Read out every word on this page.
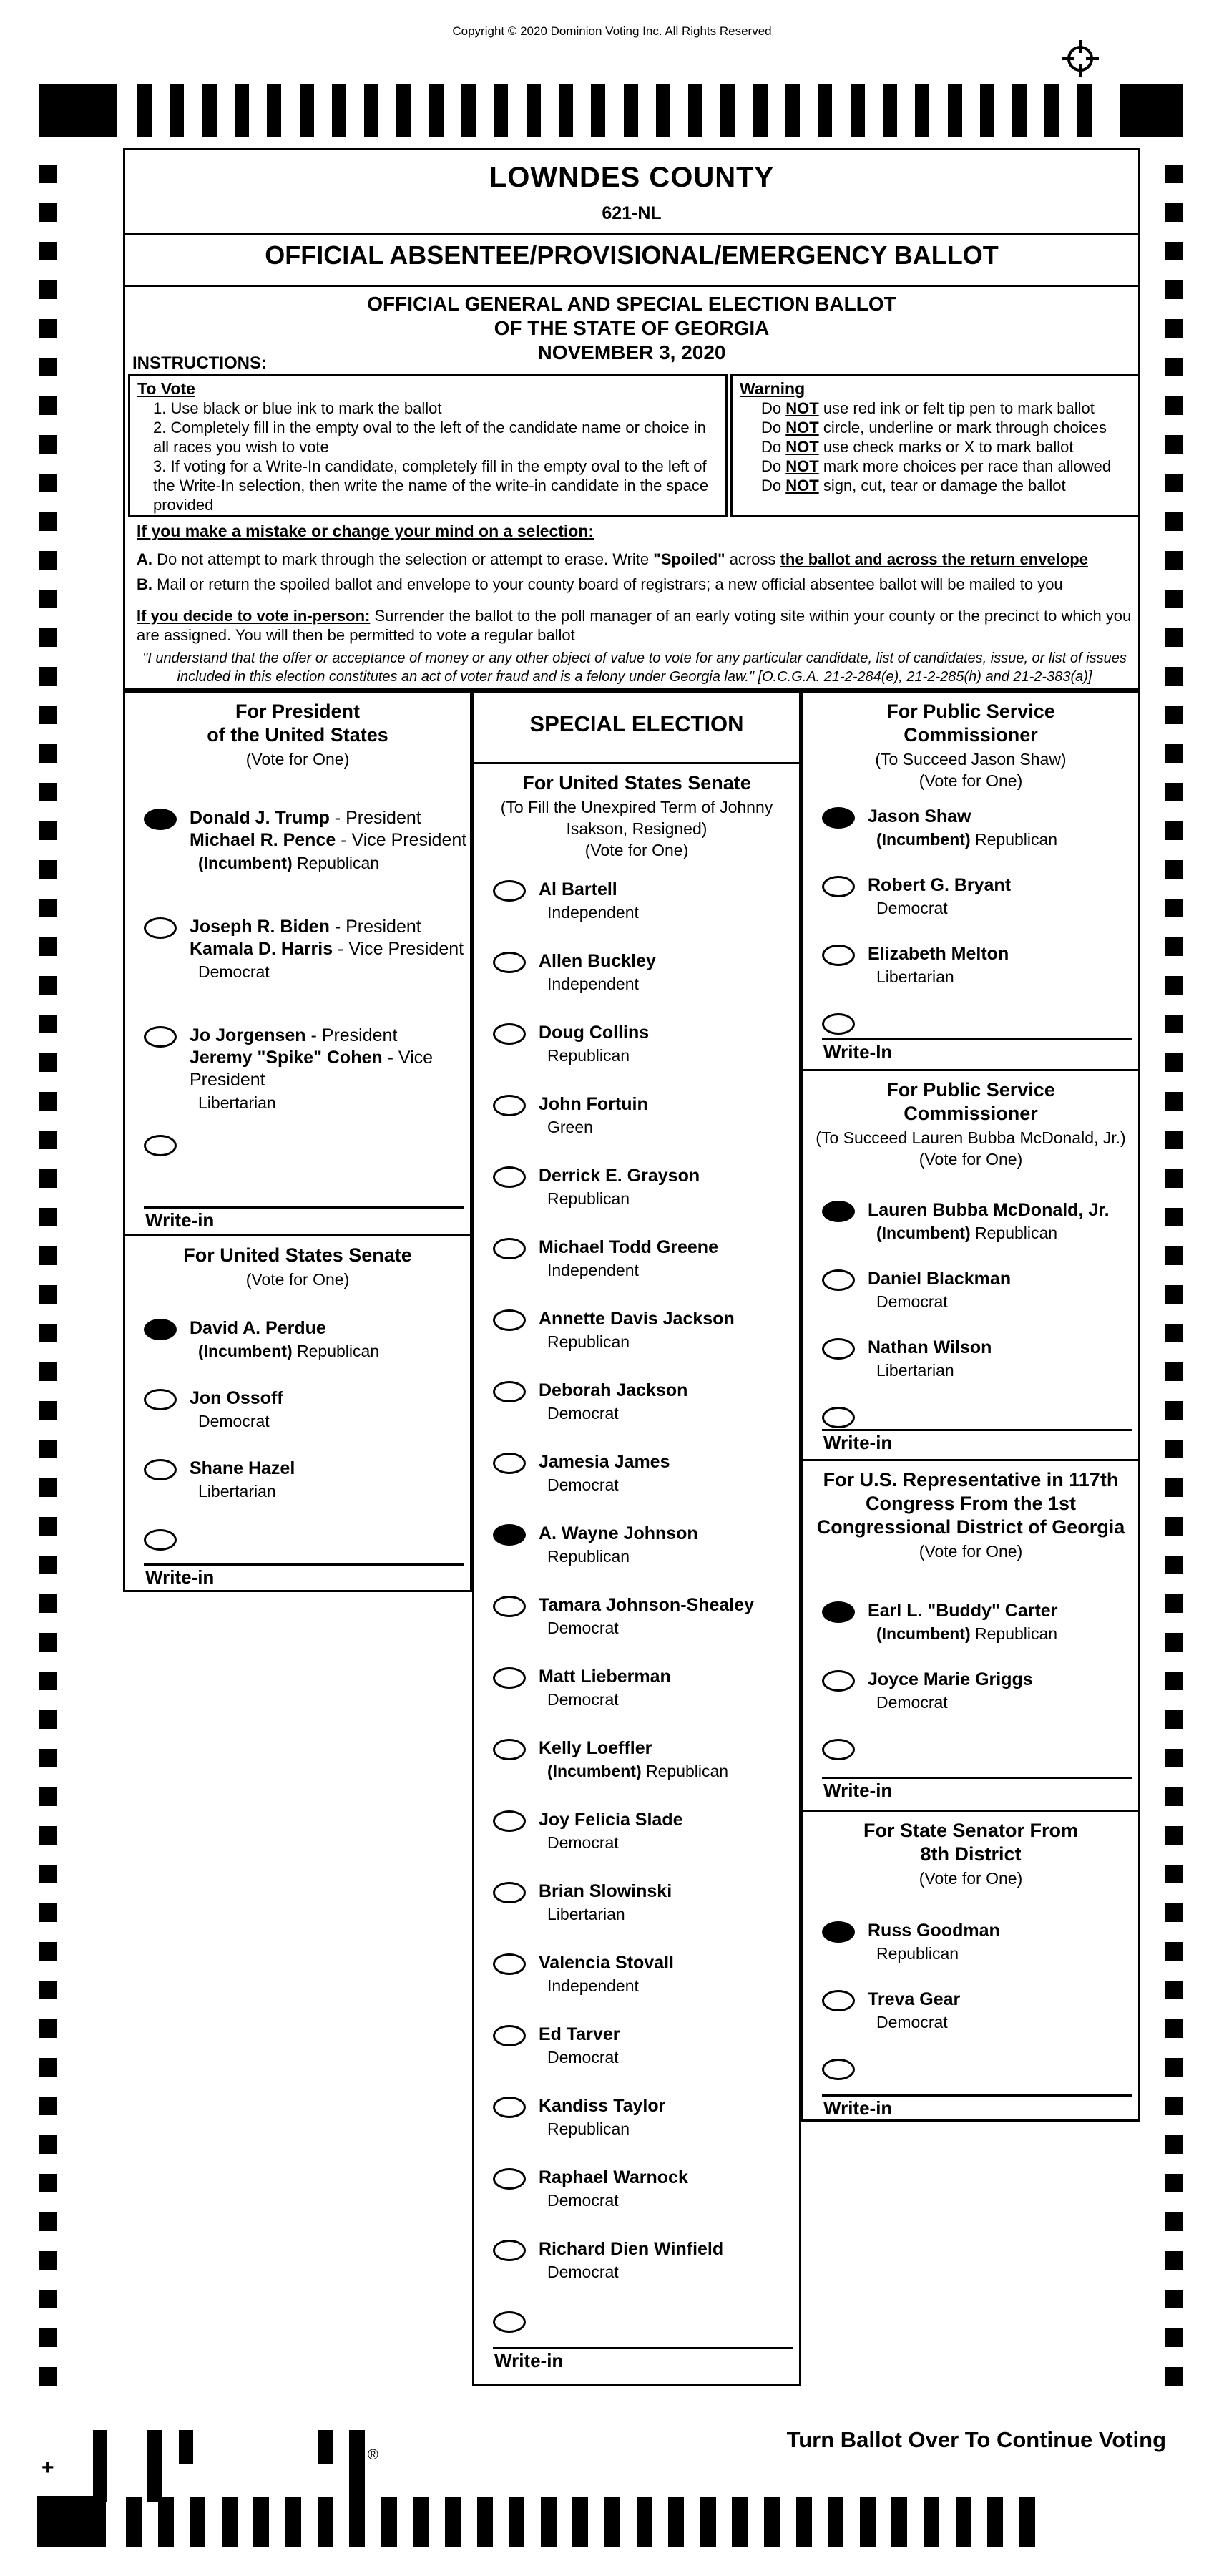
Copyright © 2020 Dominion Voting Inc. All Rights Reserved
LOWNDES COUNTY
621-NL
OFFICIAL ABSENTEE/PROVISIONAL/EMERGENCY BALLOT
OFFICIAL GENERAL AND SPECIAL ELECTION BALLOT
OF THE STATE OF GEORGIA
NOVEMBER 3, 2020
INSTRUCTIONS:
To Vote
1. Use black or blue ink to mark the ballot
2. Completely fill in the empty oval to the left of the candidate name or choice in all races you wish to vote
3. If voting for a Write-In candidate, completely fill in the empty oval to the left of the Write-In selection, then write the name of the write-in candidate in the space provided
Warning
Do NOT use red ink or felt tip pen to mark ballot
Do NOT circle, underline or mark through choices
Do NOT use check marks or X to mark ballot
Do NOT mark more choices per race than allowed
Do NOT sign, cut, tear or damage the ballot
If you make a mistake or change your mind on a selection:
A. Do not attempt to mark through the selection or attempt to erase. Write "Spoiled" across the ballot and across the return envelope
B. Mail or return the spoiled ballot and envelope to your county board of registrars; a new official absentee ballot will be mailed to you
If you decide to vote in-person: Surrender the ballot to the poll manager of an early voting site within your county or the precinct to which you are assigned. You will then be permitted to vote a regular ballot
"I understand that the offer or acceptance of money or any other object of value to vote for any particular candidate, list of candidates, issue, or list of issues included in this election constitutes an act of voter fraud and is a felony under Georgia law." [O.C.G.A. 21-2-284(e), 21-2-285(h) and 21-2-383(a)]
For President
of the United States
(Vote for One)
Donald J. Trump - President
Michael R. Pence - Vice President
(Incumbent) Republican
Joseph R. Biden - President
Kamala D. Harris - Vice President
Democrat
Jo Jorgensen - President
Jeremy "Spike" Cohen - Vice President
Libertarian
Write-in
For United States Senate
(Vote for One)
David A. Perdue
(Incumbent) Republican
Jon Ossoff
Democrat
Shane Hazel
Libertarian
Write-in
SPECIAL ELECTION
For United States Senate
(To Fill the Unexpired Term of Johnny
Isakson, Resigned)
(Vote for One)
Al Bartell
Independent
Allen Buckley
Independent
Doug Collins
Republican
John Fortuin
Green
Derrick E. Grayson
Republican
Michael Todd Greene
Independent
Annette Davis Jackson
Republican
Deborah Jackson
Democrat
Jamesia James
Democrat
A. Wayne Johnson
Republican
Tamara Johnson-Shealey
Democrat
Matt Lieberman
Democrat
Kelly Loeffler
(Incumbent) Republican
Joy Felicia Slade
Democrat
Brian Slowinski
Libertarian
Valencia Stovall
Independent
Ed Tarver
Democrat
Kandiss Taylor
Republican
Raphael Warnock
Democrat
Richard Dien Winfield
Democrat
Write-in
For Public Service
Commissioner
(To Succeed Jason Shaw)
(Vote for One)
Jason Shaw
(Incumbent) Republican
Robert G. Bryant
Democrat
Elizabeth Melton
Libertarian
Write-In
For Public Service
Commissioner
(To Succeed Lauren Bubba McDonald, Jr.)
(Vote for One)
Lauren Bubba McDonald, Jr.
(Incumbent) Republican
Daniel Blackman
Democrat
Nathan Wilson
Libertarian
Write-in
For U.S. Representative in 117th
Congress From the 1st
Congressional District of Georgia
(Vote for One)
Earl L. "Buddy" Carter
(Incumbent) Republican
Joyce Marie Griggs
Democrat
Write-in
For State Senator From
8th District
(Vote for One)
Russ Goodman
Republican
Treva Gear
Democrat
Write-in
Turn Ballot Over To Continue Voting
+
®
